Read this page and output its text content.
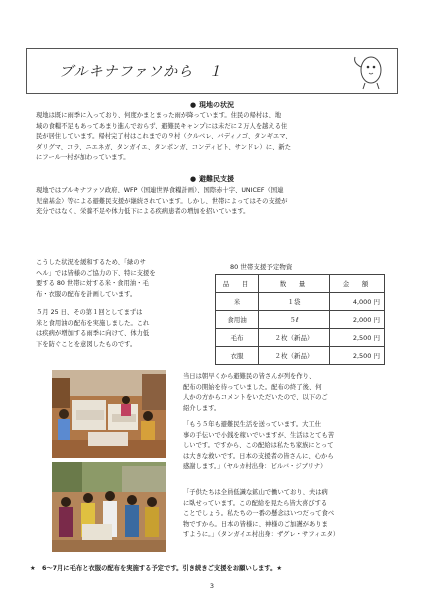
ブルキナファソから　１
● 現地の状況
現地は既に雨季に入っており、何度かまとまった雨が降っています。住民の帰村は、地
域の食糧不足もあってあまり進んでおらず、避難民キャンプには未だに２万人を越える住
民が居住しています。帰村完了村はこれまでの９村（クルベレ、バディノゴ、タンギエマ、
ダリグマ、コラ、ニエネガ、タンガイエ、タンボンガ、コンディビト、サンドレ）に、新た
にフール一村が加わっています。
● 避難民支援
現地ではブルキナファソ政府、WFP（国連世界食糧計画）、国際赤十字、UNICEF（国連
児童基金）等による避難民支援が継続されています。しかし、世帯によってはその支援が
充分ではなく、栄養不足や体力低下による疾病患者の増加を招いています。
こうした状況を緩和するため、「緑のサ
ヘル」では皆様のご協力の下、特に支援を
要する 80 世帯に対する米・食用油・毛
布・衣服の配布を計画しています。
５月 25 日、その第１回としてまずは
米と食用油の配布を実施しました。これ
は疾病が増加する雨季に向けて、体力低
下を防ぐことを意図したものです。
80 世帯支援予定物資
品　目	数　量	金　額
米	１袋	4,000 円
食用油	５ℓ	2,000 円
毛布	２枚（新品）	2,500 円
衣服	２枚（新品）	2,500 円
当日は朝早くから避難民の皆さんが列を作り、
配布の開始を待っていました。配布の終了後、何
人かの方からコメントをいただいたので、以下のご
紹介します。
「もう５年も避難民生活を送っています。大工仕
事の手伝いで小銭を稼いでいますが、生活はとても苦
しいです。ですから、この配給は私たち家族にとって
は大きな救いです。日本の支援者の皆さんに、心から
感謝します。」（ヤルカ村出身：ビルバ・ジブリナ）
「子供たちは全員低識な鉱山で働いており、夫は病
に臥せっています。この配給を見たら皆大喜びする
ことでしょう。私たちの一番の懸念はいつだって食べ
物ですから。日本の皆様に、神様のご加護がありま
すように。」（タンガイエ村出身：ザグレ・サフィエタ）
★　6〜7月に毛布と衣服の配布を実施する予定です。引き続きご支援をお願いします。★
3
